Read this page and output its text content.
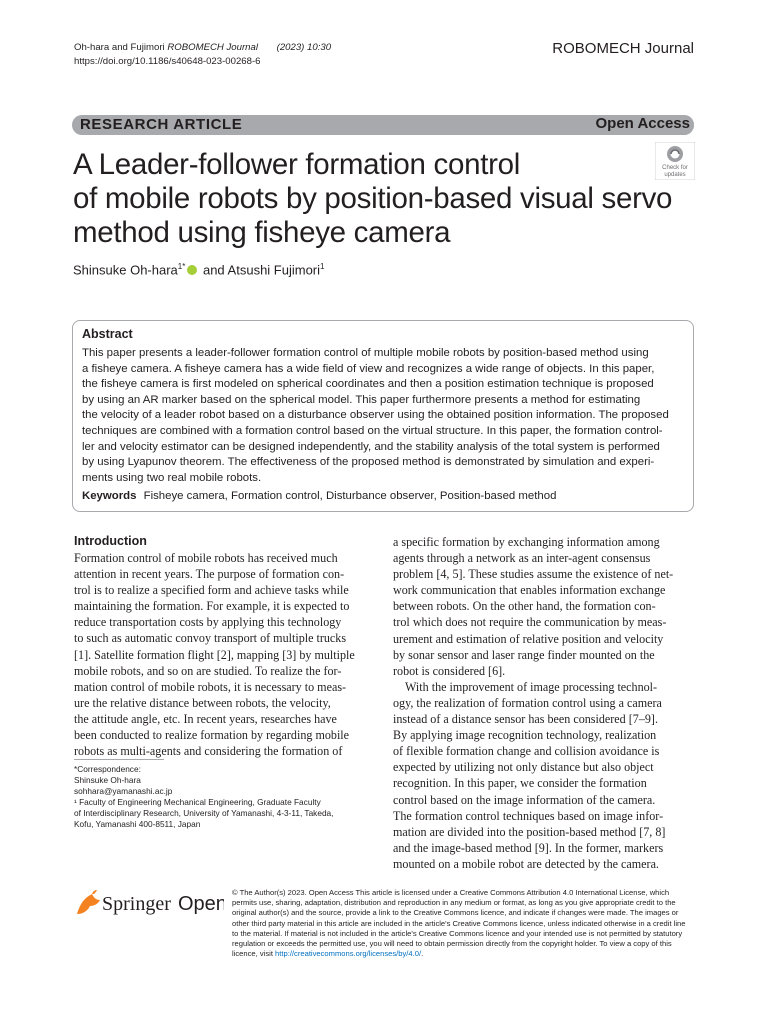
Oh-hara and Fujimori ROBOMECH Journal (2023) 10:30
https://doi.org/10.1186/s40648-023-00268-6
ROBOMECH Journal
RESEARCH ARTICLE	Open Access
A Leader-follower formation control
of mobile robots by position-based visual servo
method using fisheye camera
Check for
updates
Shinsuke Oh-hara$^{1*}$ and Atsushi Fujimori$^1$
Abstract
This paper presents a leader-follower formation control of multiple mobile robots by position-based method using
a fisheye camera. A fisheye camera has a wide field of view and recognizes a wide range of objects. In this paper,
the fisheye camera is first modeled on spherical coordinates and then a position estimation technique is proposed
by using an AR marker based on the spherical model. This paper furthermore presents a method for estimating
the velocity of a leader robot based on a disturbance observer using the obtained position information. The proposed
techniques are combined with a formation control based on the virtual structure. In this paper, the formation control-
ler and velocity estimator can be designed independently, and the stability analysis of the total system is performed
by using Lyapunov theorem. The effectiveness of the proposed method is demonstrated by simulation and experi-
ments using two real mobile robots.
Keywords Fisheye camera, Formation control, Disturbance observer, Position-based method
Introduction
Formation control of mobile robots has received much
attention in recent years. The purpose of formation con-
trol is to realize a specified form and achieve tasks while
maintaining the formation. For example, it is expected to
reduce transportation costs by applying this technology
to such as automatic convoy transport of multiple trucks
[1]. Satellite formation flight [2], mapping [3] by multiple
mobile robots, and so on are studied. To realize the for-
mation control of mobile robots, it is necessary to meas-
ure the relative distance between robots, the velocity,
the attitude angle, etc. In recent years, researches have
been conducted to realize formation by regarding mobile
robots as multi-agents and considering the formation of
a specific formation by exchanging information among
agents through a network as an inter-agent consensus
problem [4, 5]. These studies assume the existence of net-
work communication that enables information exchange
between robots. On the other hand, the formation con-
trol which does not require the communication by meas-
urement and estimation of relative position and velocity
by sonar sensor and laser range finder mounted on the
robot is considered [6].
With the improvement of image processing technol-
ogy, the realization of formation control using a camera
instead of a distance sensor has been considered [7–9].
By applying image recognition technology, realization
of flexible formation change and collision avoidance is
expected by utilizing not only distance but also object
recognition. In this paper, we consider the formation
control based on the image information of the camera.
The formation control techniques based on image infor-
mation are divided into the position-based method [7, 8]
and the image-based method [9]. In the former, markers
mounted on a mobile robot are detected by the camera.
*Correspondence:
Shinsuke Oh-hara
sohhara@yamanashi.ac.jp
¹ Faculty of Engineering Mechanical Engineering, Graduate Faculty
of Interdisciplinary Research, University of Yamanashi, 4-3-11, Takeda,
Kofu, Yamanashi 400-8511, Japan
Springer Open
© The Author(s) 2023. Open Access This article is licensed under a Creative Commons Attribution 4.0 International License, which
permits use, sharing, adaptation, distribution and reproduction in any medium or format, as long as you give appropriate credit to the
original author(s) and the source, provide a link to the Creative Commons licence, and indicate if changes were made. The images or
other third party material in this article are included in the article's Creative Commons licence, unless indicated otherwise in a credit line
to the material. If material is not included in the article's Creative Commons licence and your intended use is not permitted by statutory
regulation or exceeds the permitted use, you will need to obtain permission directly from the copyright holder. To view a copy of this
licence, visit http://creativecommons.org/licenses/by/4.0/.
